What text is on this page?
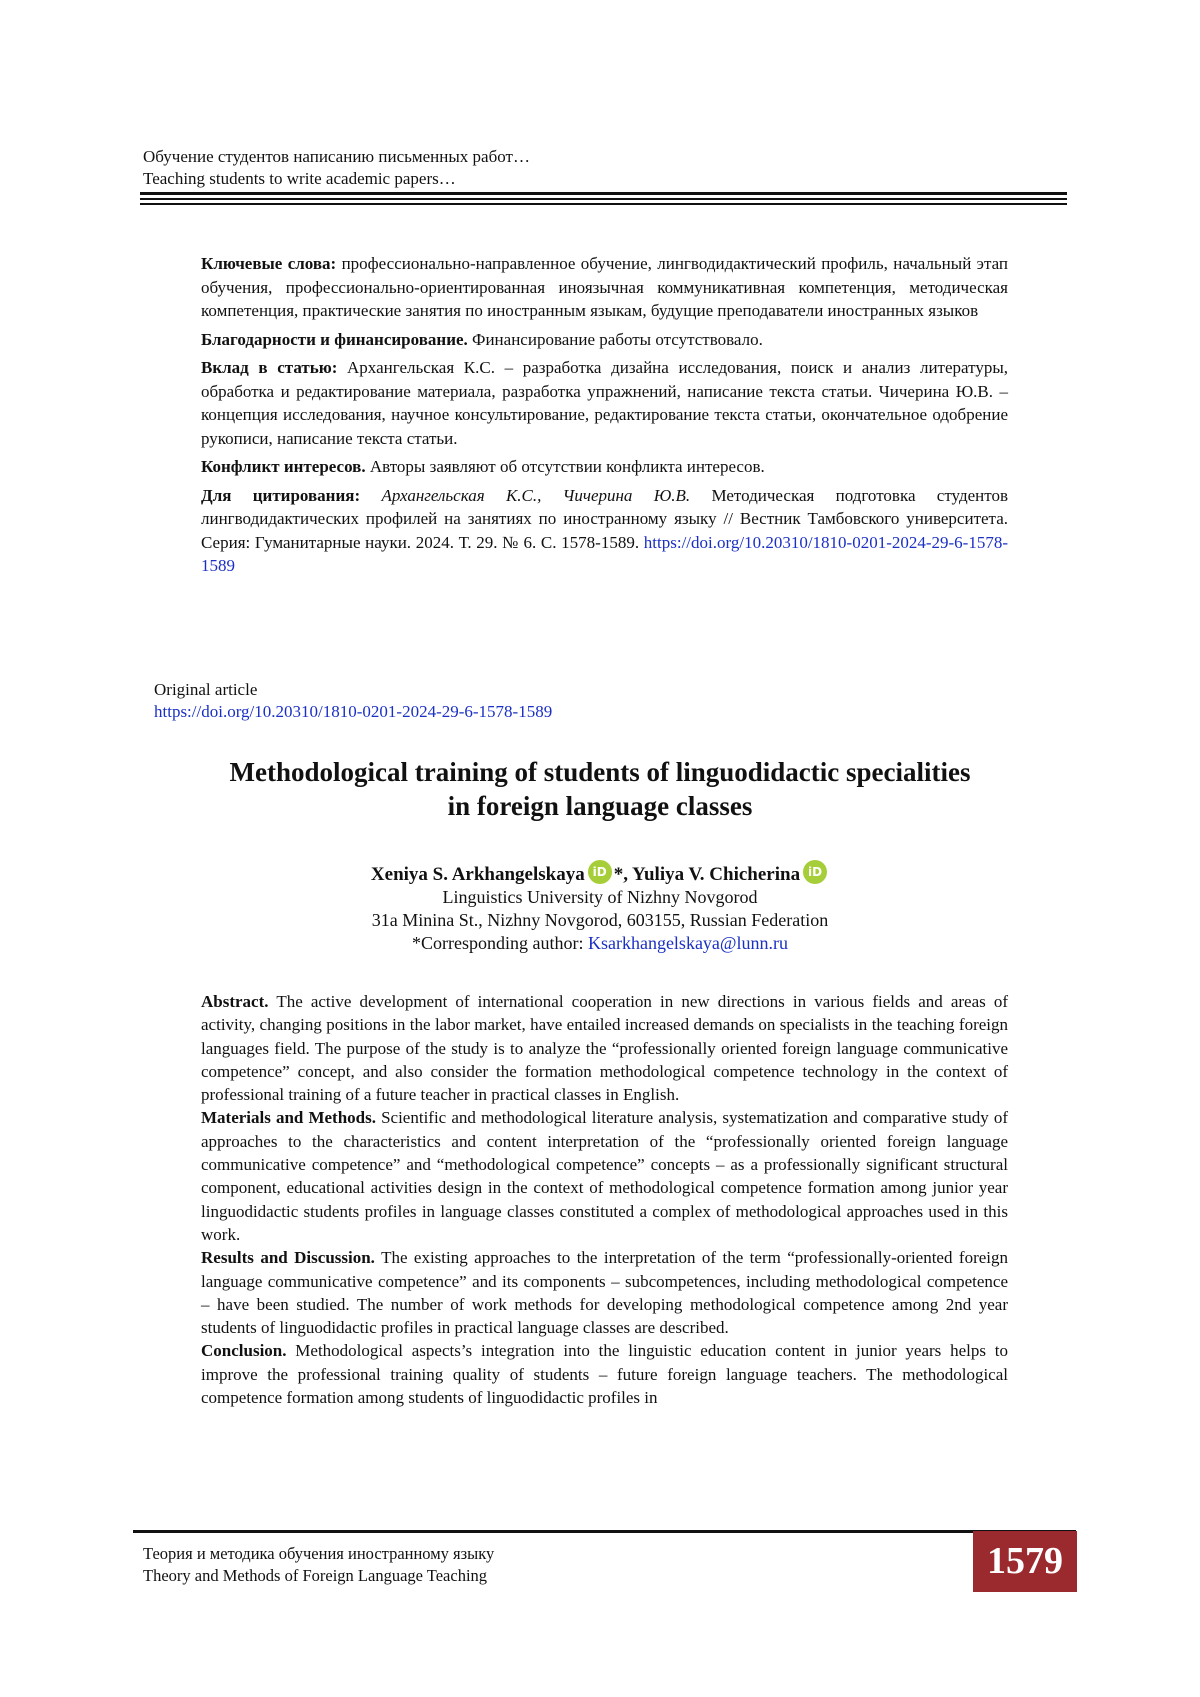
Обучение студентов написанию письменных работ…
Teaching students to write academic papers…

Ключевые слова: профессионально-направленное обучение, лингводидактический профиль, начальный этап обучения, профессионально-ориентированная иноязычная коммуникативная компетенция, методическая компетенция, практические занятия по иностранным языкам, будущие преподаватели иностранных языков

Благодарности и финансирование. Финансирование работы отсутствовало.

Вклад в статью: Архангельская К.С. – разработка дизайна исследования, поиск и анализ литературы, обработка и редактирование материала, разработка упражнений, написание текста статьи. Чичерина Ю.В. – концепция исследования, научное консультирование, редактирование текста статьи, окончательное одобрение рукописи, написание текста статьи.

Конфликт интересов. Авторы заявляют об отсутствии конфликта интересов.

Для цитирования: Архангельская К.С., Чичерина Ю.В. Методическая подготовка студентов лингводидактических профилей на занятиях по иностранному языку // Вестник Тамбовского университета. Серия: Гуманитарные науки. 2024. Т. 29. № 6. С. 1578-1589. https://doi.org/10.20310/1810-0201-2024-29-6-1578-1589

Original article
https://doi.org/10.20310/1810-0201-2024-29-6-1578-1589
Methodological training of students of linguodidactic specialities
in foreign language classes
Xeniya S. Arkhangelskaya iD *, Yuliya V. Chicherina iD
Linguistics University of Nizhny Novgorod
31a Minina St., Nizhny Novgorod, 603155, Russian Federation
*Corresponding author: Ksarkhangelskaya@lunn.ru

Abstract. The active development of international cooperation in new directions in various fields and areas of activity, changing positions in the labor market, have entailed increased demands on specialists in the teaching foreign languages field. The purpose of the study is to analyze the “professionally oriented foreign language communicative competence” concept, and also consider the formation methodological competence technology in the context of professional training of a future teacher in practical classes in English.

Materials and Methods. Scientific and methodological literature analysis, systematization and comparative study of approaches to the characteristics and content interpretation of the “professionally oriented foreign language communicative competence” and “methodological competence” concepts – as a professionally significant structural component, educational activities design in the context of methodological competence formation among junior year linguodidactic students profiles in language classes constituted a complex of methodological approaches used in this work.

Results and Discussion. The existing approaches to the interpretation of the term “professionally-oriented foreign language communicative competence” and its components – subcompetences, including methodological competence – have been studied. The number of work methods for developing methodological competence among 2nd year students of linguodidactic profiles in practical language classes are described.

Conclusion. Methodological aspects’s integration into the linguistic education content in junior years helps to improve the professional training quality of students – future foreign language teachers. The methodological competence formation among students of linguodidactic profiles in

Теория и методика обучения иностранному языку
Theory and Methods of Foreign Language Teaching	1579
